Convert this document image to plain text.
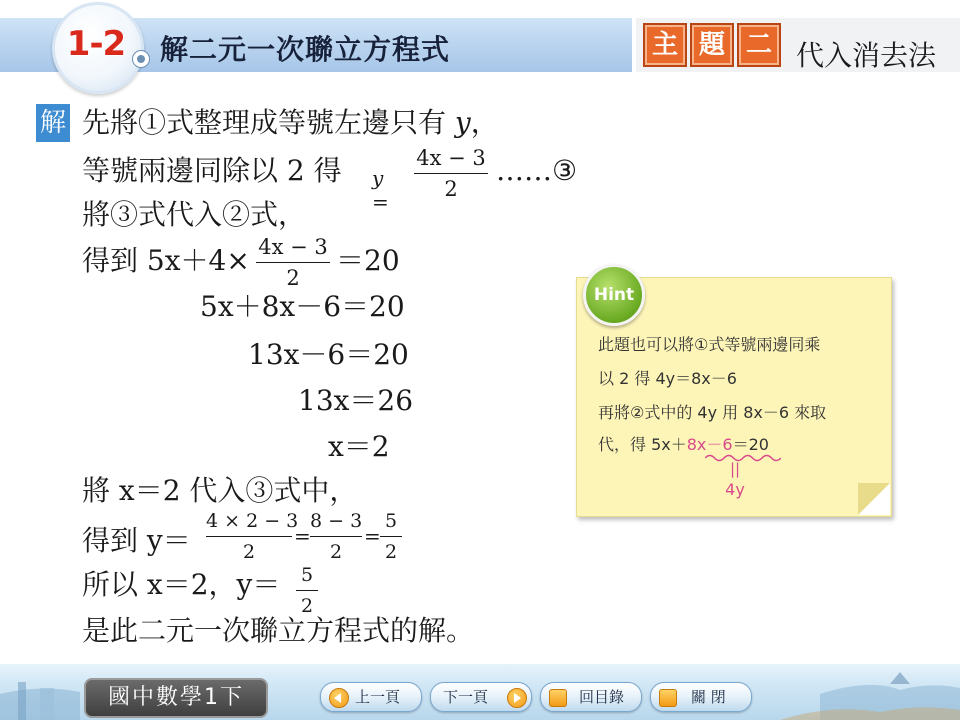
1-2	解二元一次聯立方程式	主 題 二 代入消去法
解 先將①式整理成等號左邊只有 y，
等號兩邊同除以 2 得 y =
4x − 3
2
……③
將③式代入②式，
得到 5x＋4× 4x − 3
2
＝20
5x＋8x－6＝20
13x－6＝20
13x＝26
x＝2
將 x＝2 代入③式中，
得到 y＝
4 × 2 − 3
2
=
8 − 3
2
=
5
2
所以 x＝2，y＝ 5
2
是此二元一次聯立方程式的解。
Hint
此題也可以將①式等號兩邊同乘
以 2 得 4y＝8x－6
再將②式中的 4y 用 8x－6 來取
代，得 5x＋8x－6＝20
||
4y
國中數學1下	上一頁	下一頁	回目錄	關 閉
